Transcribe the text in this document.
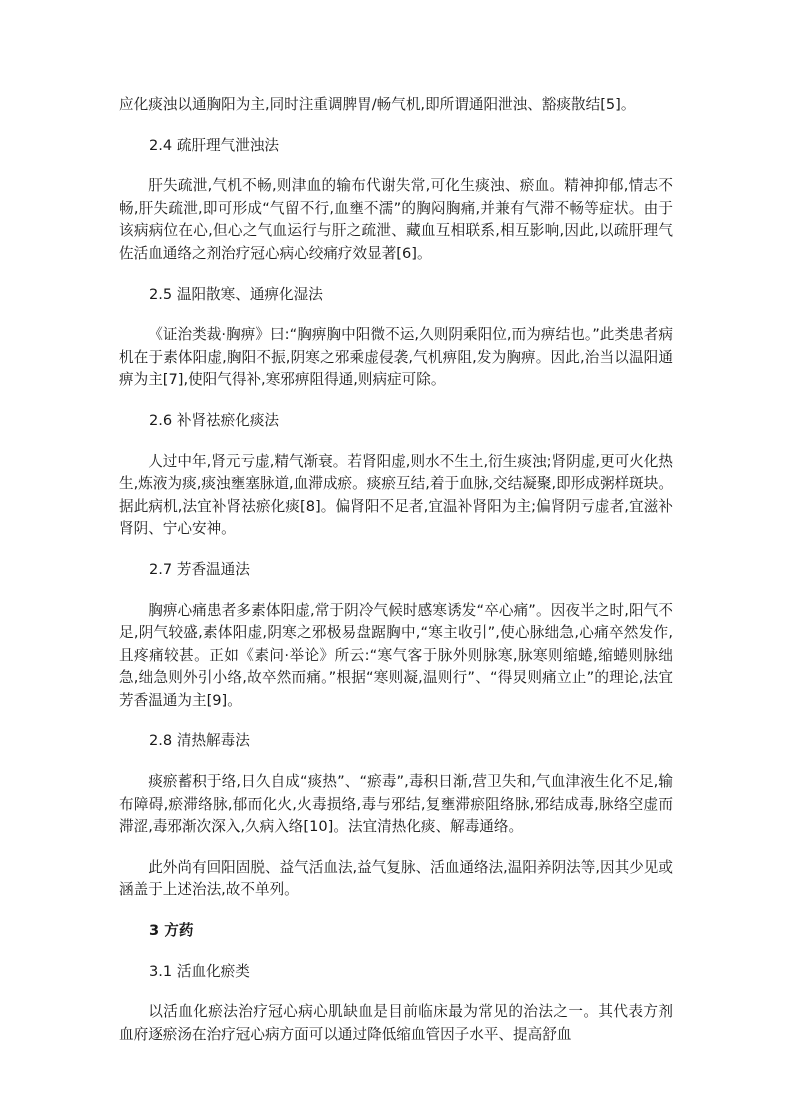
应化痰浊以通胸阳为主,同时注重调脾胃/畅气机,即所谓通阳泄浊、豁痰散结[5]。

2.4 疏肝理气泄浊法

肝失疏泄,气机不畅,则津血的输布代谢失常,可化生痰浊、瘀血。精神抑郁,情志不畅,肝失疏泄,即可形成“气留不行,血壅不濡”的胸闷胸痛,并兼有气滞不畅等症状。由于该病病位在心,但心之气血运行与肝之疏泄、藏血互相联系,相互影响,因此,以疏肝理气佐活血通络之剂治疗冠心病心绞痛疗效显著[6]。

2.5 温阳散寒、通痹化湿法

《证治类裁·胸痹》曰:“胸痹胸中阳微不运,久则阴乘阳位,而为痹结也。”此类患者病机在于素体阳虚,胸阳不振,阴寒之邪乘虚侵袭,气机痹阻,发为胸痹。因此,治当以温阳通痹为主[7],使阳气得补,寒邪痹阻得通,则病症可除。

2.6 补肾祛瘀化痰法

人过中年,肾元亏虚,精气渐衰。若肾阳虚,则水不生土,衍生痰浊;肾阴虚,更可火化热生,炼液为痰,痰浊壅塞脉道,血滞成瘀。痰瘀互结,着于血脉,交结凝聚,即形成粥样斑块。据此病机,法宜补肾祛瘀化痰[8]。偏肾阳不足者,宜温补肾阳为主;偏肾阴亏虚者,宜滋补肾阴、宁心安神。

2.7 芳香温通法

胸痹心痛患者多素体阳虚,常于阴冷气候时感寒诱发“卒心痛”。因夜半之时,阳气不足,阴气较盛,素体阳虚,阴寒之邪极易盘踞胸中,“寒主收引”,使心脉绌急,心痛卒然发作,且疼痛较甚。正如《素问·举论》所云:“寒气客于脉外则脉寒,脉寒则缩蜷,缩蜷则脉绌急,绌急则外引小络,故卒然而痛。”根据“寒则凝,温则行”、“得炅则痛立止”的理论,法宜芳香温通为主[9]。

2.8 清热解毒法

痰瘀蓄积于络,日久自成“痰热”、“瘀毒”,毒积日渐,营卫失和,气血津液生化不足,输布障碍,瘀滞络脉,郁而化火,火毒损络,毒与邪结,复壅滞瘀阻络脉,邪结成毒,脉络空虚而滞涩,毒邪渐次深入,久病入络[10]。法宜清热化痰、解毒通络。

此外尚有回阳固脱、益气活血法,益气复脉、活血通络法,温阳养阴法等,因其少见或涵盖于上述治法,故不单列。

3 方药

3.1 活血化瘀类

以活血化瘀法治疗冠心病心肌缺血是目前临床最为常见的治法之一。其代表方剂血府逐瘀汤在治疗冠心病方面可以通过降低缩血管因子水平、提高舒血
